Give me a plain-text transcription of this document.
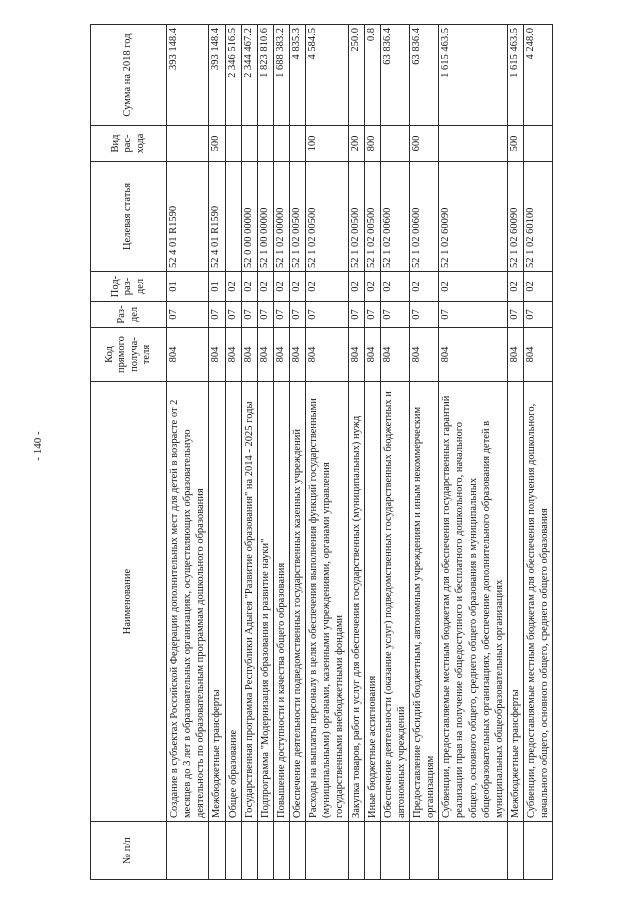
- 140 -
№ п/п	Наименование	Код прямого получа-теля	Раз-дел	Под-раз-дел	Целевая статья	Вид рас-хода	Сумма на 2018 год
	Создание в субъектах Российской Федерации дополнительных мест для детей в возрасте от 2 месяцев до 3 лет в образовательных организациях, осуществляющих образовательную деятельность по образовательным программам дошкольного образования	804	07	01	52 4 01 R1590		393 148.4
	Межбюджетные трансферты	804	07	01	52 4 01 R1590	500	393 148.4
	Общее образование	804	07	02			2 346 516.5
	Государственная программа Республики Адыгея "Развитие образования" на 2014 - 2025 годы	804	07	02	52 0 00 00000		2 344 467.2
	Подпрограмма "Модернизация образования и развитие науки"	804	07	02	52 1 00 00000		1 823 810.6
	Повышение доступности и качества общего образования	804	07	02	52 1 02 00000		1 688 383.2
	Обеспечение деятельности подведомственных государственных казенных учреждений	804	07	02	52 1 02 00500		4 835.3
	Расходы на выплаты персоналу в целях обеспечения выполнения функций государственными (муниципальными) органами, казенными учреждениями, органами управления государственными внебюджетными фондами	804	07	02	52 1 02 00500	100	4 584.5
	Закупка товаров, работ и услуг для обеспечения государственных (муниципальных) нужд	804	07	02	52 1 02 00500	200	250.0
	Иные бюджетные ассигнования	804	07	02	52 1 02 00500	800	0.8
	Обеспечение деятельности (оказание услуг) подведомственных государственных бюджетных и автономных учреждений	804	07	02	52 1 02 00600		63 836.4
	Предоставление субсидий бюджетным, автономным учреждениям и иным некоммерческим организациям	804	07	02	52 1 02 00600	600	63 836.4
	Субвенции, предоставляемые местным бюджетам для обеспечения государственных гарантий реализации прав на получение общедоступного и бесплатного дошкольного, начального общего, основного общего, среднего общего образования в муниципальных общеобразовательных организациях, обеспечение дополнительного образования детей в муниципальных общеобразовательных организациях	804	07	02	52 1 02 60090		1 615 463.5
	Межбюджетные трансферты	804	07	02	52 1 02 60090	500	1 615 463.5
	Субвенции, предоставляемые местным бюджетам для обеспечения получения дошкольного, начального общего, основного общего, среднего общего образования	804	07	02	52 1 02 60100		4 248.0
